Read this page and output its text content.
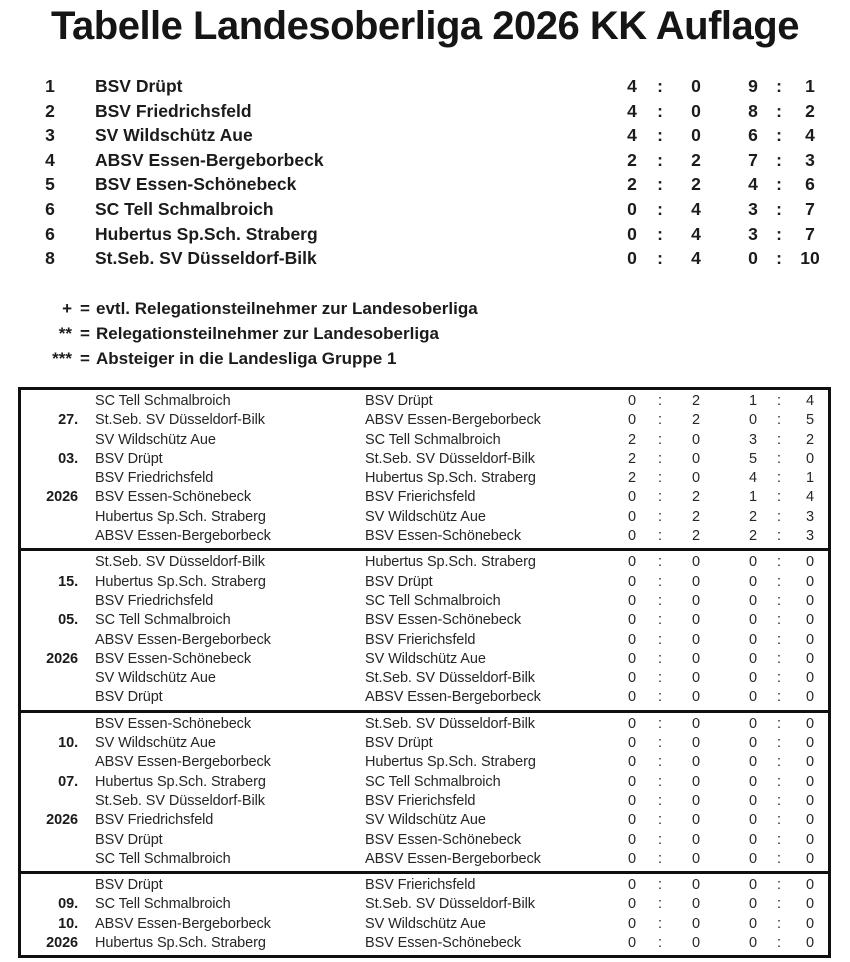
Tabelle Landesoberliga 2026 KK Auflage
1	BSV Drüpt	4	:	0	9	:	1
2	BSV Friedrichsfeld	4	:	0	8	:	2
3	SV Wildschütz Aue	4	:	0	6	:	4
4	ABSV Essen-Bergeborbeck	2	:	2	7	:	3
5	BSV Essen-Schönebeck	2	:	2	4	:	6
6	SC Tell Schmalbroich	0	:	4	3	:	7
6	Hubertus Sp.Sch. Straberg	0	:	4	3	:	7
8	St.Seb. SV Düsseldorf-Bilk	0	:	4	0	:	10
+ = evtl. Relegationsteilnehmer zur Landesoberliga
** = Relegationsteilnehmer zur Landesoberliga
*** = Absteiger in die Landesliga Gruppe 1
SC Tell Schmalbroich	BSV Drüpt	0	:	2	1	:	4
27. St.Seb. SV Düsseldorf-Bilk	ABSV Essen-Bergeborbeck	0	:	2	0	:	5
SV Wildschütz Aue	SC Tell Schmalbroich	2	:	0	3	:	2
03. BSV Drüpt	St.Seb. SV Düsseldorf-Bilk	2	:	0	5	:	0
BSV Friedrichsfeld	Hubertus Sp.Sch. Straberg	2	:	0	4	:	1
2026 BSV Essen-Schönebeck	BSV Frierichsfeld	0	:	2	1	:	4
Hubertus Sp.Sch. Straberg	SV Wildschütz Aue	0	:	2	2	:	3
ABSV Essen-Bergeborbeck	BSV Essen-Schönebeck	0	:	2	2	:	3
St.Seb. SV Düsseldorf-Bilk	Hubertus Sp.Sch. Straberg	0	:	0	0	:	0
15. Hubertus Sp.Sch. Straberg	BSV Drüpt	0	:	0	0	:	0
BSV Friedrichsfeld	SC Tell Schmalbroich	0	:	0	0	:	0
05. SC Tell Schmalbroich	BSV Essen-Schönebeck	0	:	0	0	:	0
ABSV Essen-Bergeborbeck	BSV Frierichsfeld	0	:	0	0	:	0
2026 BSV Essen-Schönebeck	SV Wildschütz Aue	0	:	0	0	:	0
SV Wildschütz Aue	St.Seb. SV Düsseldorf-Bilk	0	:	0	0	:	0
BSV Drüpt	ABSV Essen-Bergeborbeck	0	:	0	0	:	0
BSV Essen-Schönebeck	St.Seb. SV Düsseldorf-Bilk	0	:	0	0	:	0
10. SV Wildschütz Aue	BSV Drüpt	0	:	0	0	:	0
ABSV Essen-Bergeborbeck	Hubertus Sp.Sch. Straberg	0	:	0	0	:	0
07. Hubertus Sp.Sch. Straberg	SC Tell Schmalbroich	0	:	0	0	:	0
St.Seb. SV Düsseldorf-Bilk	BSV Frierichsfeld	0	:	0	0	:	0
2026 BSV Friedrichsfeld	SV Wildschütz Aue	0	:	0	0	:	0
BSV Drüpt	BSV Essen-Schönebeck	0	:	0	0	:	0
SC Tell Schmalbroich	ABSV Essen-Bergeborbeck	0	:	0	0	:	0
BSV Drüpt	BSV Frierichsfeld	0	:	0	0	:	0
09. SC Tell Schmalbroich	St.Seb. SV Düsseldorf-Bilk	0	:	0	0	:	0
10. ABSV Essen-Bergeborbeck	SV Wildschütz Aue	0	:	0	0	:	0
2026 Hubertus Sp.Sch. Straberg	BSV Essen-Schönebeck	0	:	0	0	:	0
